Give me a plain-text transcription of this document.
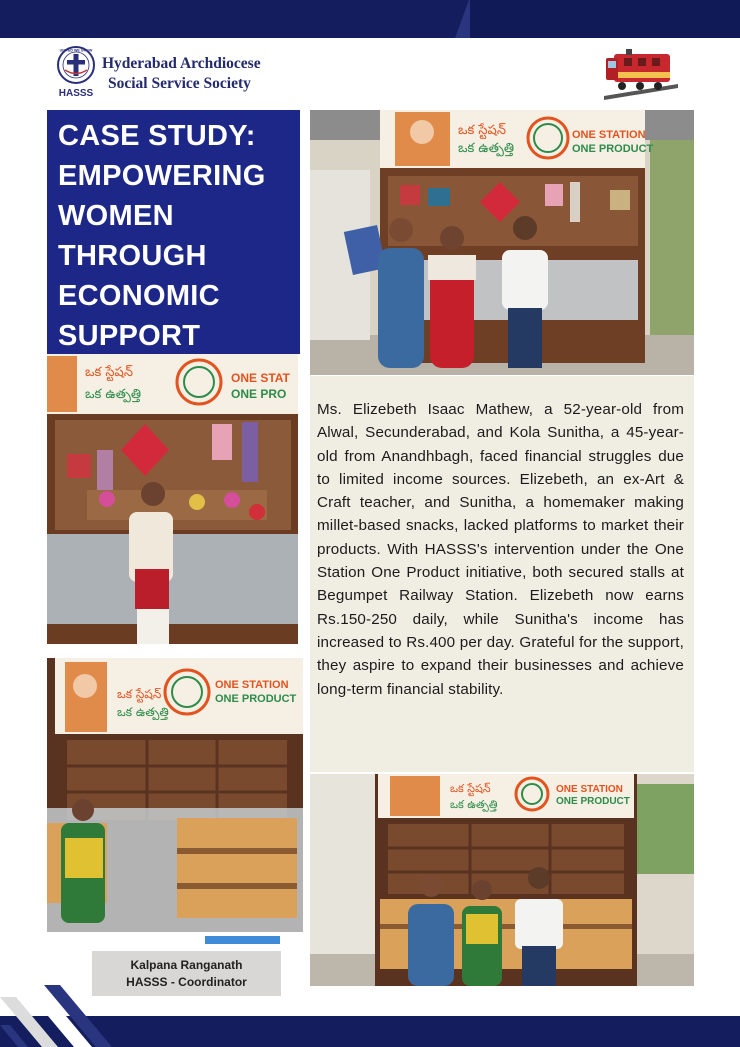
UNITED WE GROW
HASSS
Hyderabad Archdiocese
Social Service Society
CASE STUDY:
EMPOWERING
WOMEN
THROUGH
ECONOMIC
SUPPORT
ఒక స్టేషన్
ఒక ఉత్పత్తి
ONE STATION
ONE PRODUCT
ఒక స్టేషన్
ఒక ఉత్పత్తి
ONE STAT
ONE PRO
ఒక స్టేషన్
ఒక ఉత్పత్తి
ONE STATION
ONE PRODUCT
Ms. Elizebeth Isaac Mathew, a 52-year-old from Alwal, Secunderabad, and Kola Sunitha, a 45-year-old from Anandhbagh, faced financial struggles due to limited income sources. Elizebeth, an ex-Art & Craft teacher, and Sunitha, a homemaker making millet-based snacks, lacked platforms to market their products. With HASSS's intervention under the One Station One Product initiative, both secured stalls at Begumpet Railway Station. Elizebeth now earns Rs.150-250 daily, while Sunitha's income has increased to Rs.400 per day. Grateful for the support, they aspire to expand their businesses and achieve long-term financial stability.
ఒక స్టేషన్
ఒక ఉత్పత్తి
ONE STATION
ONE PRODUCT
Kalpana Ranganath
HASSS - Coordinator
